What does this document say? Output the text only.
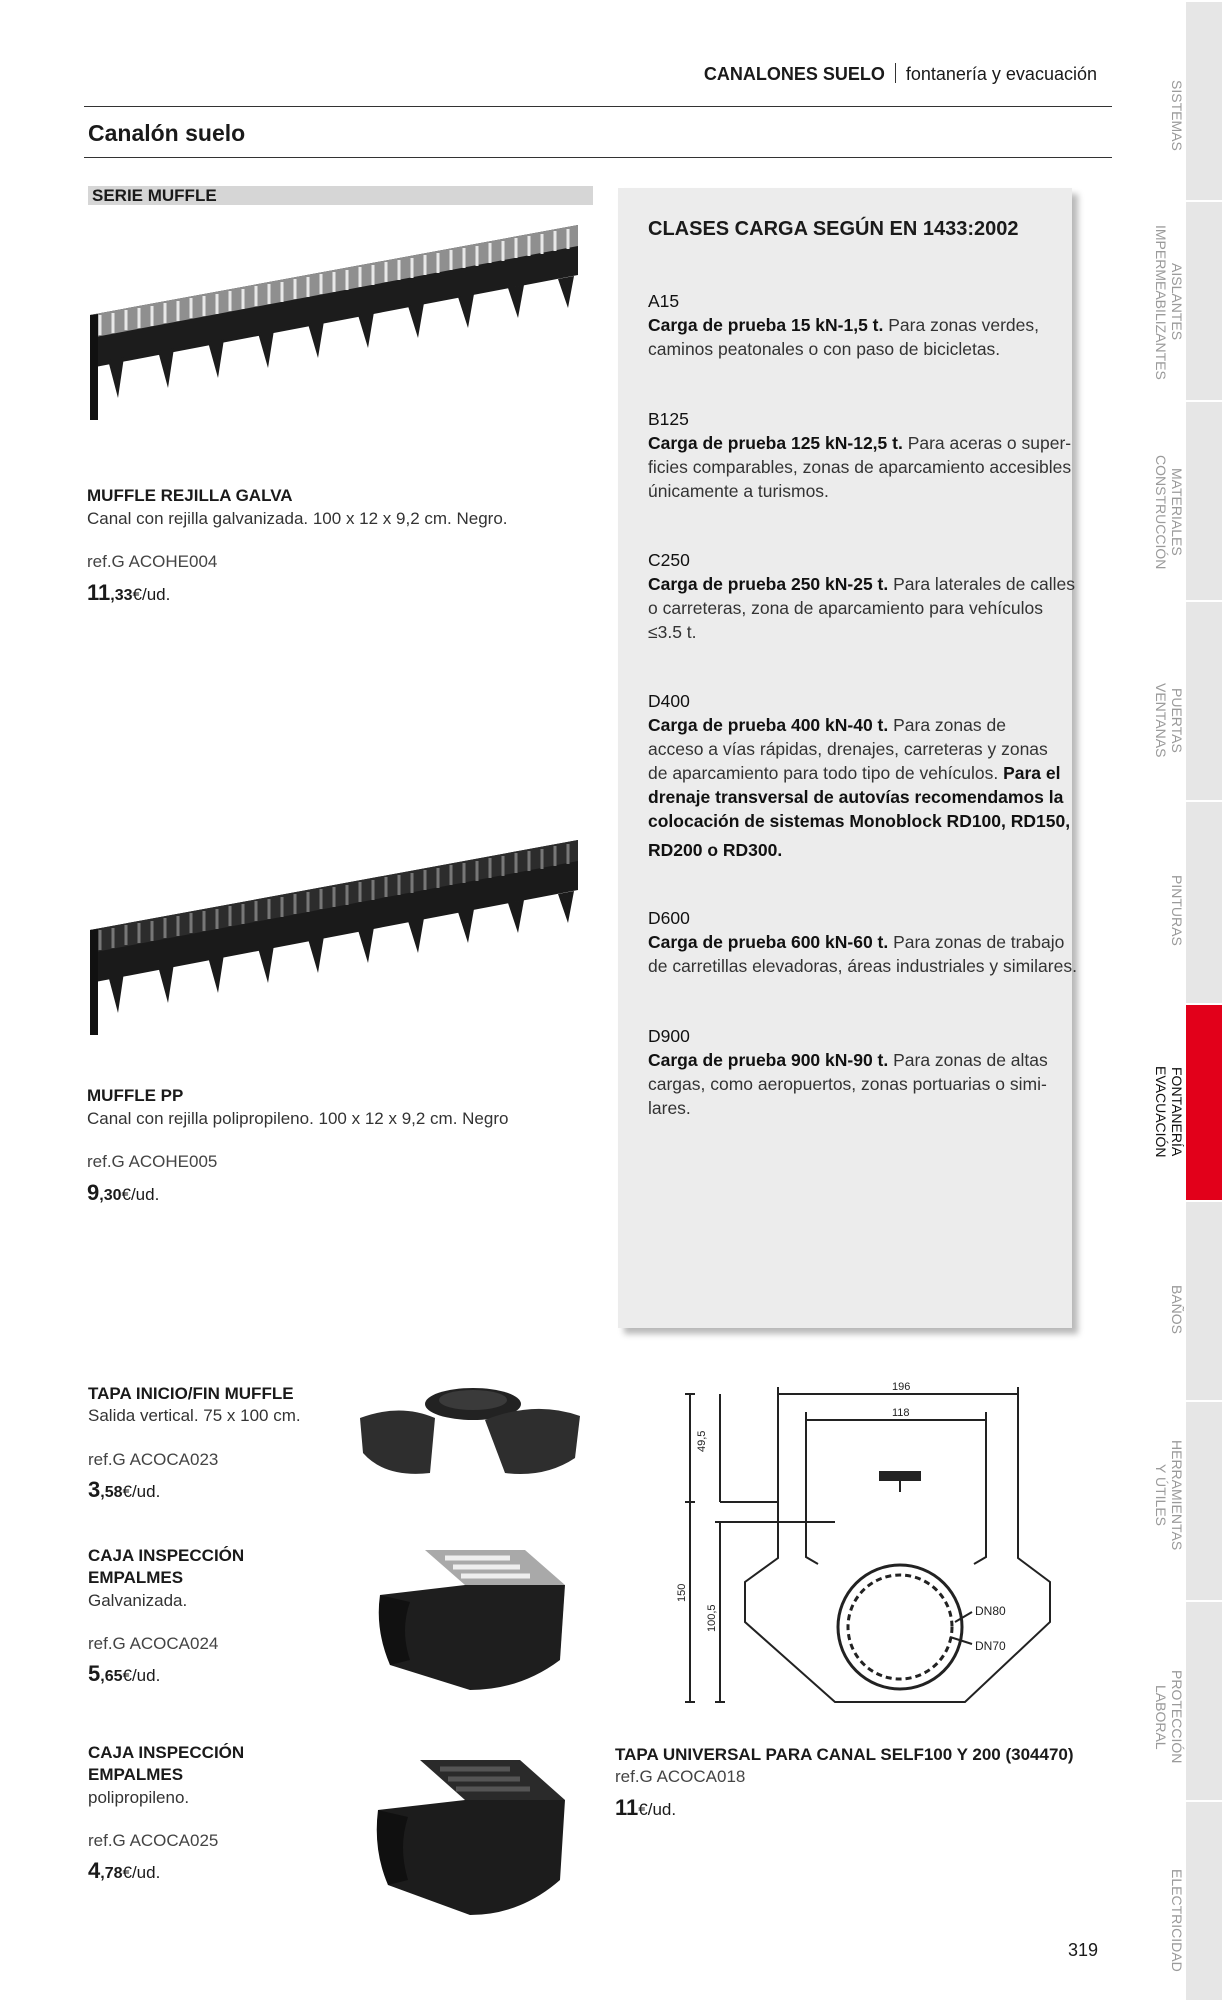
CANALONES SUELO fontanería y evacuación
Canalón suelo
SERIE MUFFLE
MUFFLE REJILLA GALVA
Canal con rejilla galvanizada. 100 x 12 x 9,2 cm. Negro.
ref.G ACOHE004
11,33€/ud.
MUFFLE PP
Canal con rejilla polipropileno. 100 x 12 x 9,2 cm. Negro
ref.G ACOHE005
9,30€/ud.
CLASES CARGA SEGÚN EN 1433:2002
A15
Carga de prueba 15 kN-1,5 t. Para zonas verdes,
caminos peatonales o con paso de bicicletas.
B125
Carga de prueba 125 kN-12,5 t. Para aceras o super-
ficies comparables, zonas de aparcamiento accesibles
únicamente a turismos.
C250
Carga de prueba 250 kN-25 t. Para laterales de calles
o carreteras, zona de aparcamiento para vehículos
≤3.5 t.
D400
Carga de prueba 400 kN-40 t. Para zonas de
acceso a vías rápidas, drenajes, carreteras y zonas
de aparcamiento para todo tipo de vehículos. Para el
drenaje transversal de autovías recomendamos la
colocación de sistemas Monoblock RD100, RD150,
RD200 o RD300.
D600
Carga de prueba 600 kN-60 t. Para zonas de trabajo
de carretillas elevadoras, áreas industriales y similares.
D900
Carga de prueba 900 kN-90 t. Para zonas de altas
cargas, como aeropuertos, zonas portuarias o simi-
lares.
TAPA INICIO/FIN MUFFLE
Salida vertical. 75 x 100 cm.
ref.G ACOCA023
3,58€/ud.
CAJA INSPECCIÓN
EMPALMES
Galvanizada.
ref.G ACOCA024
5,65€/ud.
CAJA INSPECCIÓN
EMPALMES
polipropileno.
ref.G ACOCA025
4,78€/ud.
196
118
49,5
150
100,5	DN80
DN70
TAPA UNIVERSAL PARA CANAL SELF100 Y 200 (304470)
ref.G ACOCA018
11€/ud.
SISTEMAS
AISLANTES
IMPERMEABILIZANTES
MATERIALES
CONSTRUCCIÓN
PUERTAS
VENTANAS
PINTURAS
FONTANERÍA
EVACUACIÓN
BAÑOS
HERRAMIENTAS
Y ÚTILES
PROTECCIÓN
LABORAL
ELECTRICIDAD
319
